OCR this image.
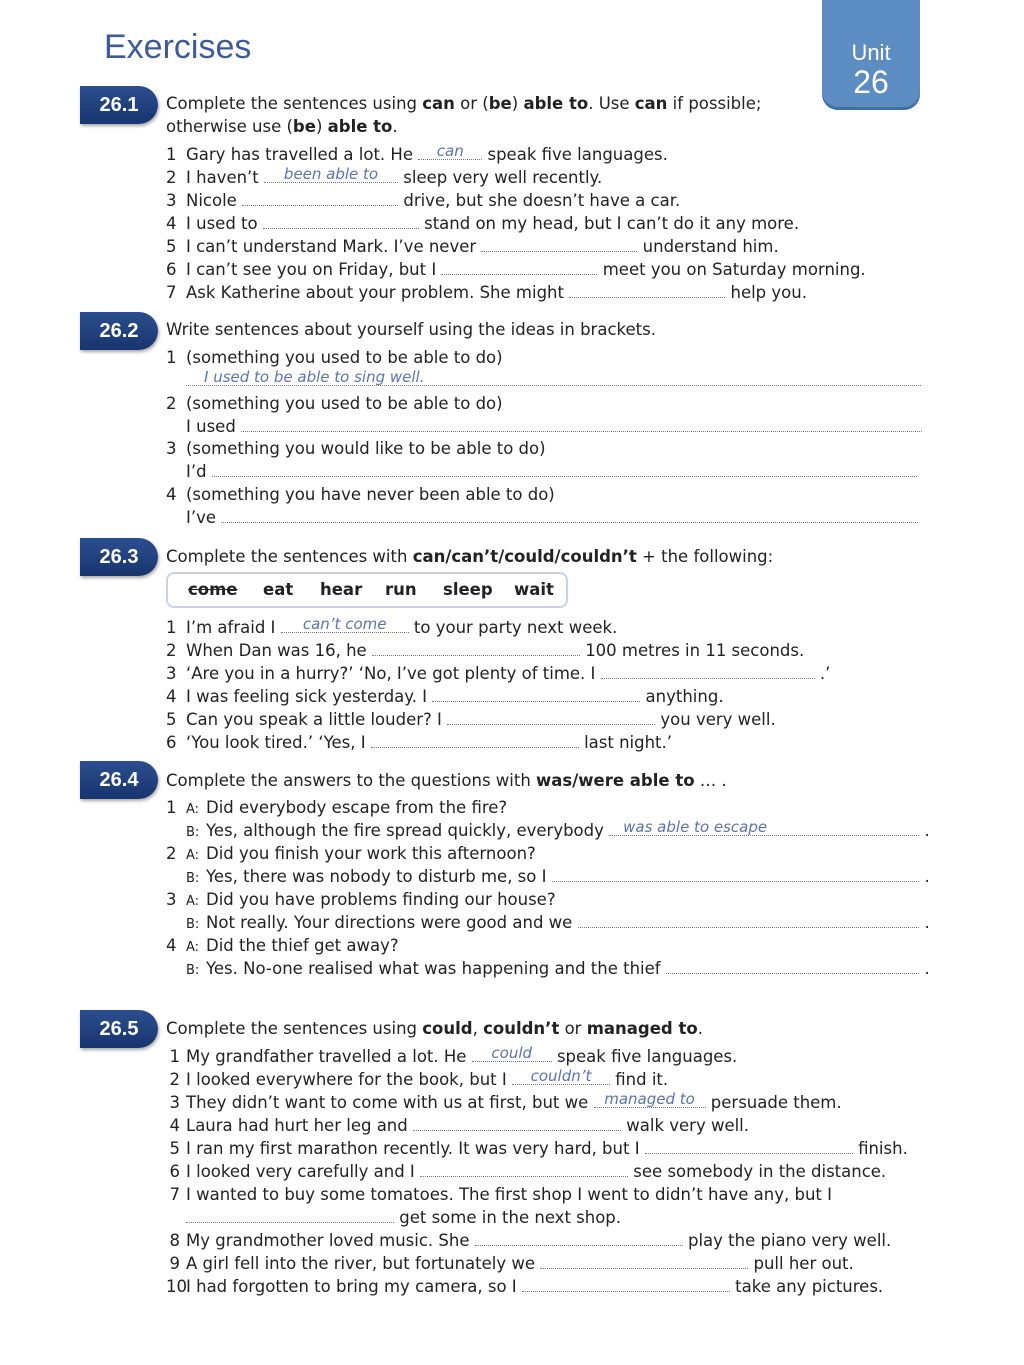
Exercises	Unit
26
26.1	Complete the sentences using can or (be) able to. Use can if possible; otherwise use (be) able to.
1 Gary has travelled a lot. He	can	speak five languages.
2 I haven’t	been able to	sleep very well recently.
3 Nicole	drive, but she doesn’t have a car.
4 I used to	stand on my head, but I can’t do it any more.
5 I can’t understand Mark. I’ve never	understand him.
6 I can’t see you on Friday, but I	meet you on Saturday morning.
7 Ask Katherine about your problem. She might	help you.
26.2	Write sentences about yourself using the ideas in brackets.
1 (something you used to be able to do)
I used to be able to sing well.
2 (something you used to be able to do)
I used
3 (something you would like to be able to do)
I’d
4 (something you have never been able to do)
I’ve
26.3	Complete the sentences with can/can’t/could/couldn’t + the following:
come eat hear run sleep wait
1 I’m afraid I	can’t come	to your party next week.
2 When Dan was 16, he	100 metres in 11 seconds.
3 ‘Are you in a hurry?’ ‘No, I’ve got plenty of time. I	.’
4 I was feeling sick yesterday. I	anything.
5 Can you speak a little louder? I	you very well.
6 ‘You look tired.’ ‘Yes, I	last night.’
26.4	Complete the answers to the questions with was/were able to … .
1 A: Did everybody escape from the fire?
B: Yes, although the fire spread quickly, everybody was able to escape	.
2 A: Did you finish your work this afternoon?
B: Yes, there was nobody to disturb me, so I	.
3 A: Did you have problems finding our house?
B: Not really. Your directions were good and we	.
4 A: Did the thief get away?
B: Yes. No-one realised what was happening and the thief	.
26.5	Complete the sentences using could, couldn’t or managed to.
1 My grandfather travelled a lot. He	could	speak five languages.
2 I looked everywhere for the book, but I	couldn’t	find it.
3 They didn’t want to come with us at first, but we	managed to persuade them.
4 Laura had hurt her leg and	walk very well.
5 I ran my first marathon recently. It was very hard, but I	finish.
6 I looked very carefully and I	see somebody in the distance.
7 I wanted to buy some tomatoes. The first shop I went to didn’t have any, but I
get some in the next shop.
8 My grandmother loved music. She	play the piano very well.
9 A girl fell into the river, but fortunately we	pull her out.
10I had forgotten to bring my camera, so I	take any pictures.
